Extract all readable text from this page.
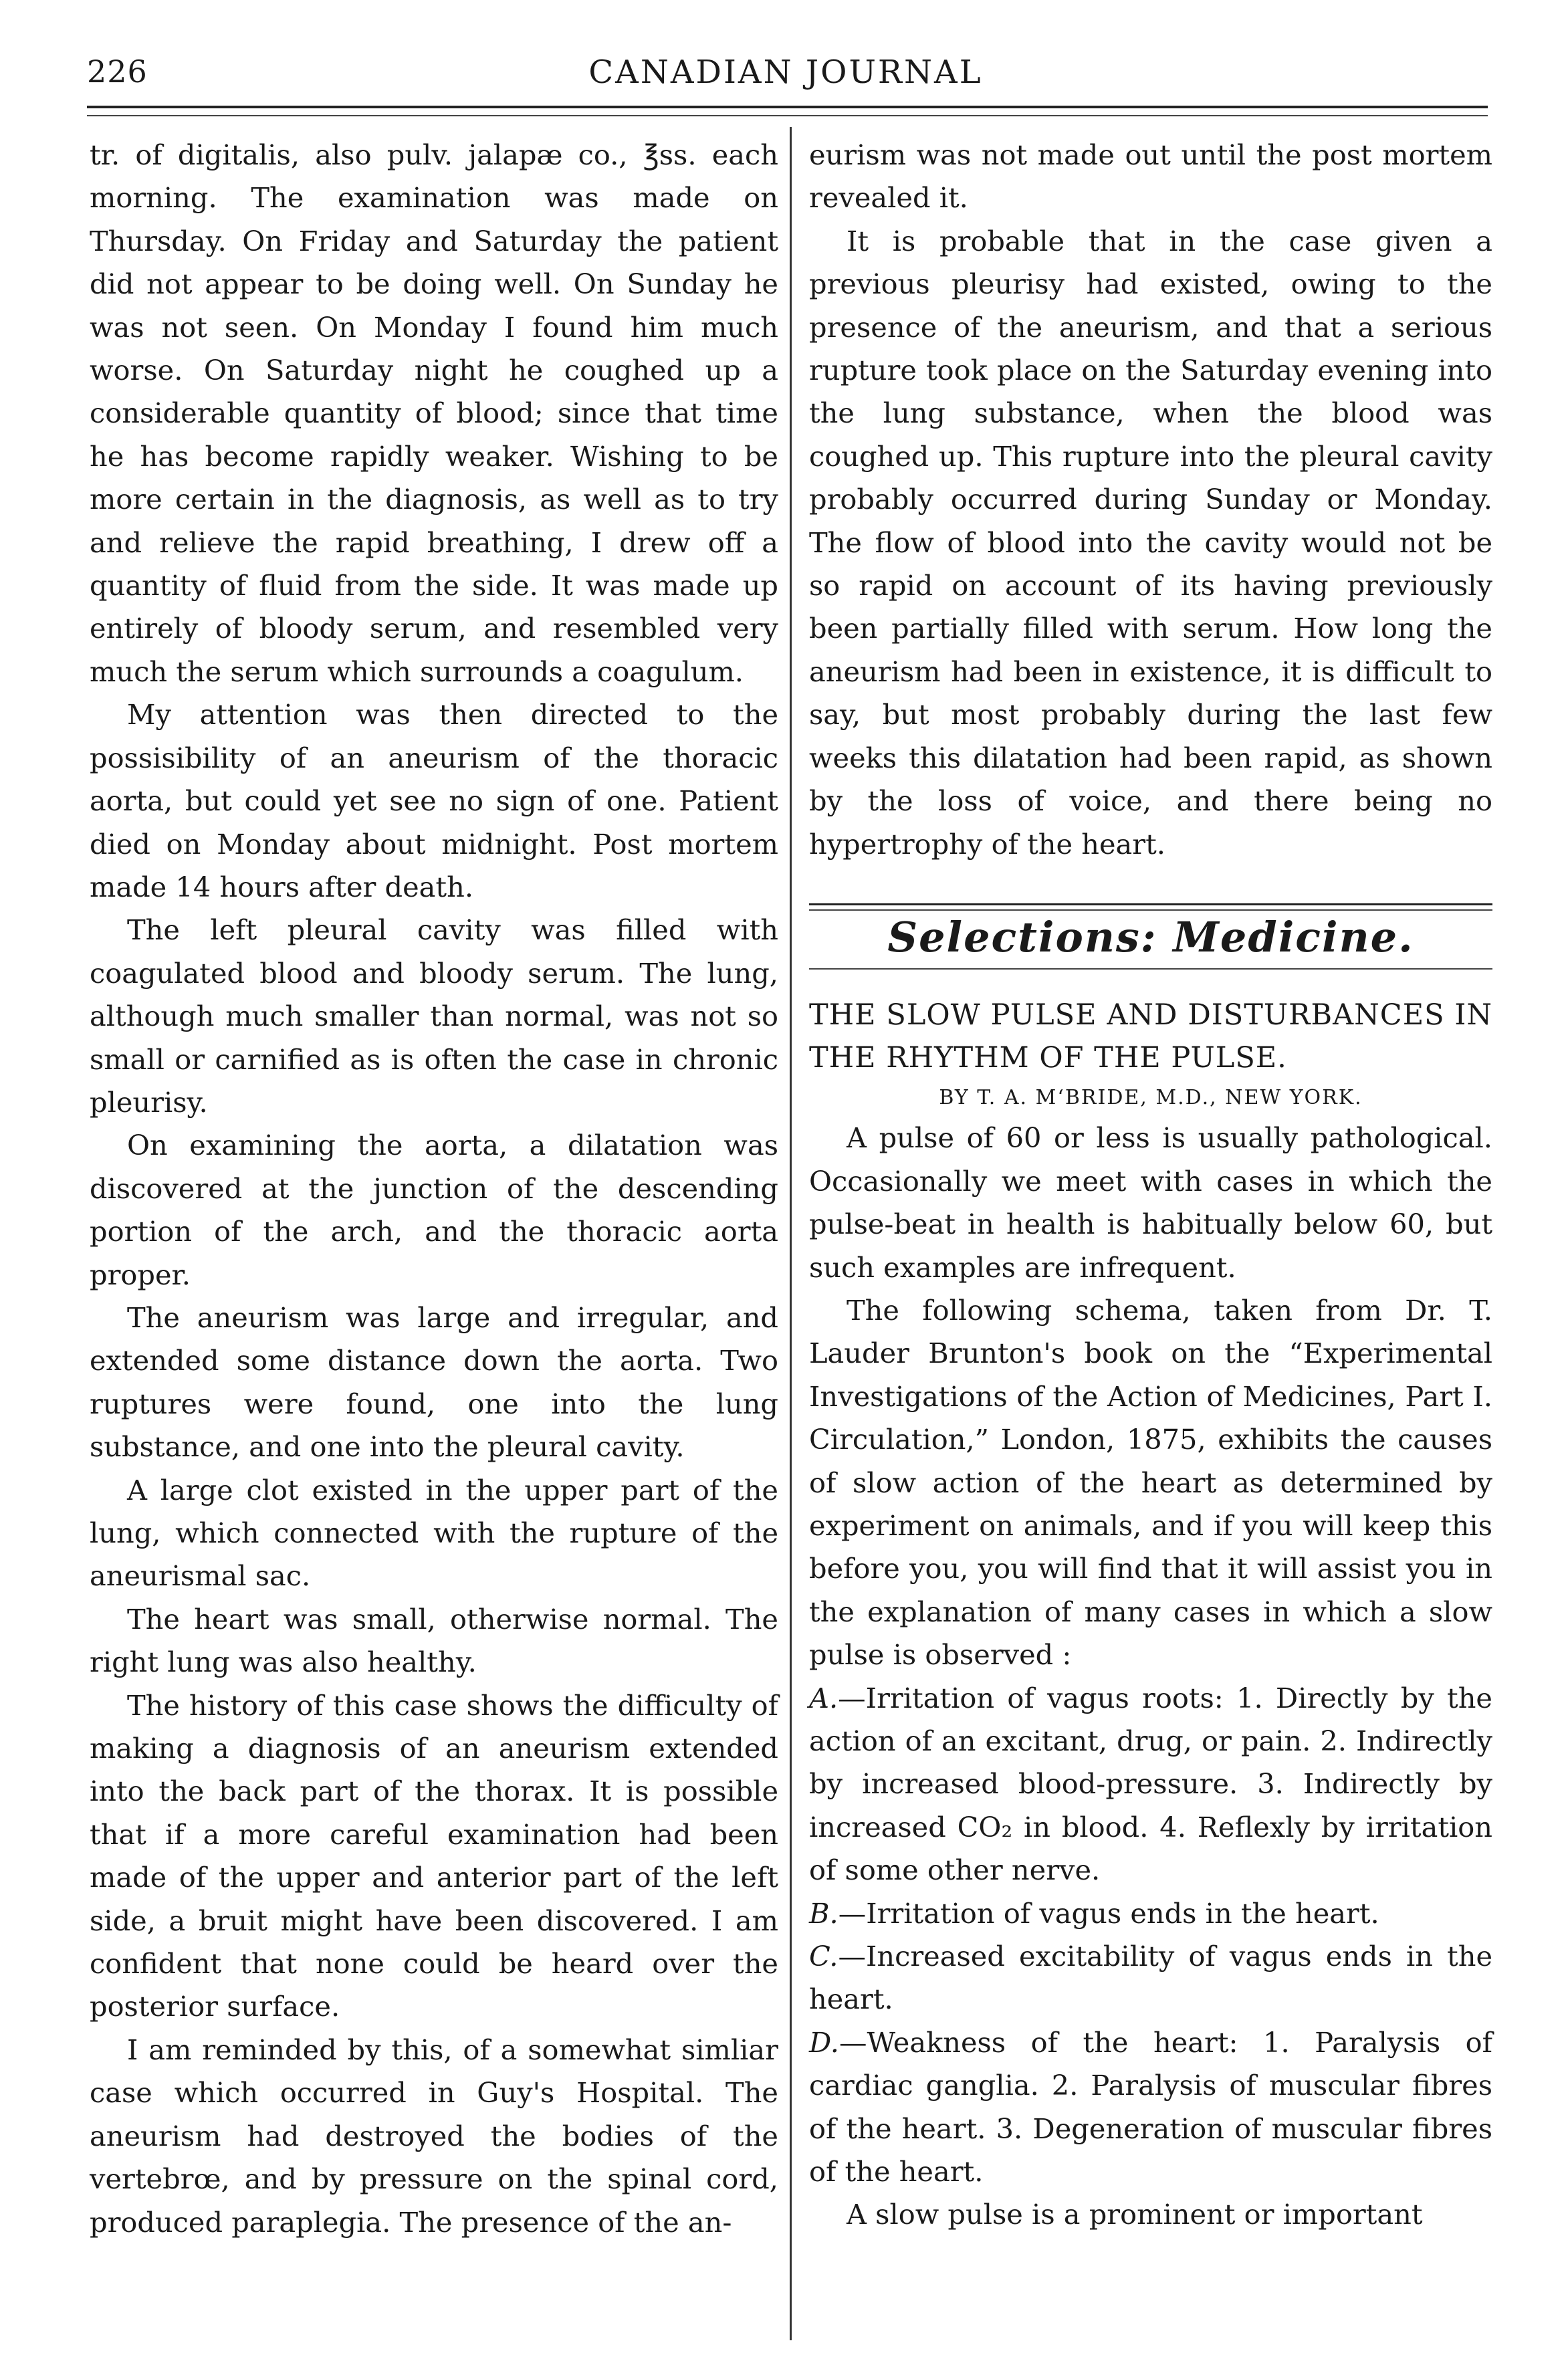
226	CANADIAN JOURNAL

tr. of digitalis, also pulv. jalapæ co., ℥ss. each morning. The examination was made on Thursday. On Friday and Saturday the patient did not appear to be doing well. On Sunday he was not seen. On Monday I found him much worse. On Saturday night he coughed up a considerable quantity of blood; since that time he has become rapidly weaker. Wishing to be more certain in the diagnosis, as well as to try and relieve the rapid breathing, I drew off a quantity of fluid from the side. It was made up entirely of bloody serum, and resembled very much the serum which surrounds a coagulum.

My attention was then directed to the possisibility of an aneurism of the thoracic aorta, but could yet see no sign of one. Patient died on Monday about midnight. Post mortem made 14 hours after death.

The left pleural cavity was filled with coagulated blood and bloody serum. The lung, although much smaller than normal, was not so small or carnified as is often the case in chronic pleurisy.

On examining the aorta, a dilatation was discovered at the junction of the descending portion of the arch, and the thoracic aorta proper.

The aneurism was large and irregular, and extended some distance down the aorta. Two ruptures were found, one into the lung substance, and one into the pleural cavity.

A large clot existed in the upper part of the lung, which connected with the rupture of the aneurismal sac.

The heart was small, otherwise normal. The right lung was also healthy.

The history of this case shows the difficulty of making a diagnosis of an aneurism extended into the back part of the thorax. It is possible that if a more careful examination had been made of the upper and anterior part of the left side, a bruit might have been discovered. I am confident that none could be heard over the posterior surface.

I am reminded by this, of a somewhat simliar case which occurred in Guy's Hospital. The aneurism had destroyed the bodies of the vertebrœ, and by pressure on the spinal cord, produced paraplegia. The presence of the an-

eurism was not made out until the post mortem revealed it.

It is probable that in the case given a previous pleurisy had existed, owing to the presence of the aneurism, and that a serious rupture took place on the Saturday evening into the lung substance, when the blood was coughed up. This rupture into the pleural cavity probably occurred during Sunday or Monday. The flow of blood into the cavity would not be so rapid on account of its having previously been partially filled with serum. How long the aneurism had been in existence, it is difficult to say, but most probably during the last few weeks this dilatation had been rapid, as shown by the loss of voice, and there being no hypertrophy of the heart.

Selections: Medicine.

THE SLOW PULSE AND DISTURBANCES IN THE RHYTHM OF THE PULSE.

BY T. A. M‘BRIDE, M.D., NEW YORK.

A pulse of 60 or less is usually pathological. Occasionally we meet with cases in which the pulse-beat in health is habitually below 60, but such examples are infrequent.

The following schema, taken from Dr. T. Lauder Brunton's book on the “Experimental Investigations of the Action of Medicines, Part I. Circulation,” London, 1875, exhibits the causes of slow action of the heart as determined by experiment on animals, and if you will keep this before you, you will find that it will assist you in the explanation of many cases in which a slow pulse is observed :

A.—Irritation of vagus roots: 1. Directly by the action of an excitant, drug, or pain. 2. Indirectly by increased blood-pressure. 3. Indirectly by increased CO₂ in blood. 4. Reflexly by irritation of some other nerve.

B.—Irritation of vagus ends in the heart.

C.—Increased excitability of vagus ends in the heart.

D.—Weakness of the heart: 1. Paralysis of cardiac ganglia. 2. Paralysis of muscular fibres of the heart. 3. Degeneration of muscular fibres of the heart.

A slow pulse is a prominent or important
